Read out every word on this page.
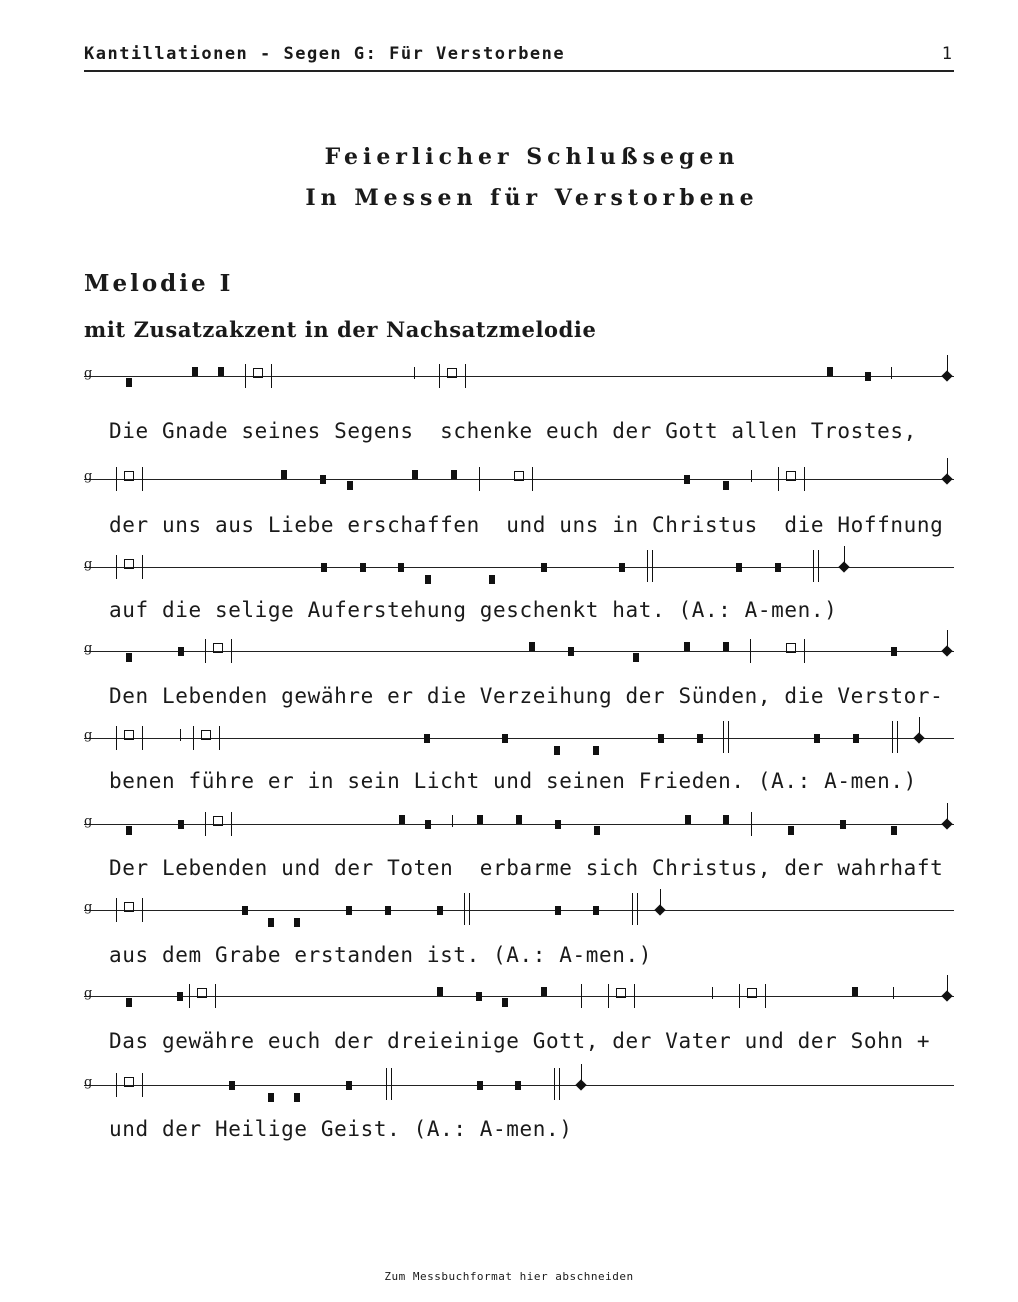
Kantillationen - Segen G: Für Verstorbene	1
Feierlicher Schlußsegen
In Messen für Verstorbene
Melodie I
mit Zusatzakzent in der Nachsatzmelodie
g
Die Gnade seines Segens  schenke euch der Gott allen Trostes,
g
der uns aus Liebe erschaffen  und uns in Christus  die Hoffnung
g
auf die selige Auferstehung geschenkt hat. (A.: A-men.)
g
Den Lebenden gewähre er die Verzeihung der Sünden, die Verstor-
g
benen führe er in sein Licht und seinen Frieden. (A.: A-men.)
g
Der Lebenden und der Toten  erbarme sich Christus, der wahrhaft
g
aus dem Grabe erstanden ist. (A.: A-men.)
g
Das gewähre euch der dreieinige Gott, der Vater und der Sohn +
g
und der Heilige Geist. (A.: A-men.)
Zum Messbuchformat hier abschneiden
